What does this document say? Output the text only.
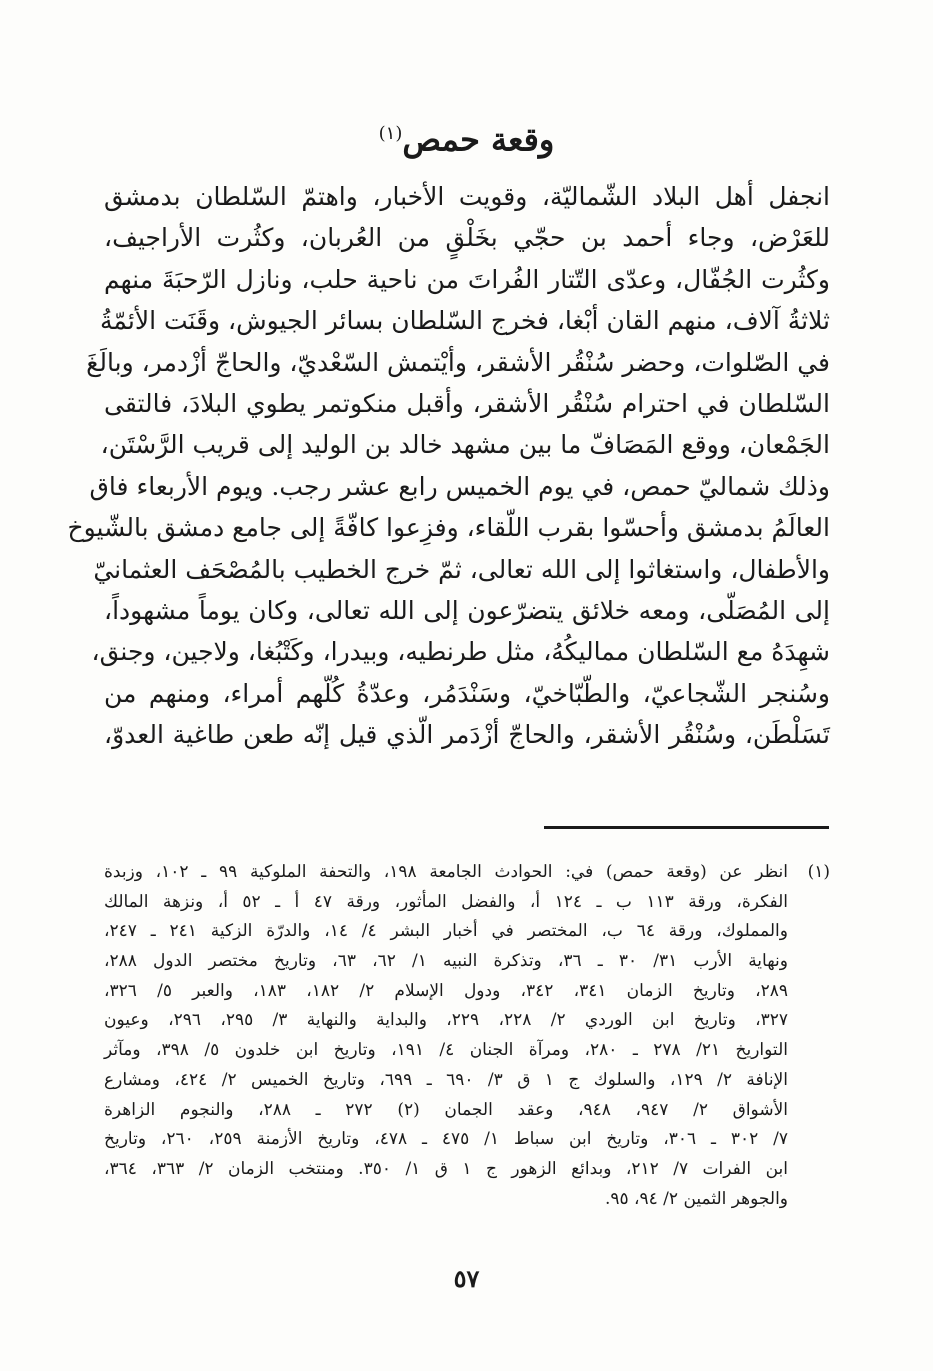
وقعة حمص$^{(١)}$
انجفل أهل البلاد الشّماليّة، وقويت الأخبار، واهتمّ السّلطان بدمشق
للعَرْض، وجاء أحمد بن حجّي بخَلْقٍ من العُربان، وكثُرت الأراجيف،
وكثُرت الجُفّال، وعدّى التّتار الفُراتَ من ناحية حلب، ونازل الرّحبَةَ منهم
ثلاثةُ آلاف، منهم القان أبْغا، فخرج السّلطان بسائر الجيوش، وقَنَت الأئمّةُ
في الصّلوات، وحضر سُنْقُر الأشقر، وأيْتمش السّعْديّ، والحاجّ أزْدمر، وبالَغَ
السّلطان في احترام سُنْقُر الأشقر، وأقبل منكوتمر يطوي البلادَ، فالتقى
الجَمْعان، ووقع المَصَافّ ما بين مشهد خالد بن الوليد إلى قريب الرَّسْتَن،
وذلك شماليّ حمص، في يوم الخميس رابع عشر رجب. ويوم الأربعاء فاق
العالَمُ بدمشق وأحسّوا بقرب اللّقاء، وفزِعوا كافّةً إلى جامع دمشق بالشّيوخ
والأطفال، واستغاثوا إلى الله تعالى، ثمّ خرج الخطيب بالمُصْحَف العثمانيّ
إلى المُصَلّى، ومعه خلائق يتضرّعون إلى الله تعالى، وكان يوماً مشهوداً،
شهِدَهُ مع السّلطان مماليكُهُ، مثل طرنطيه، وبيدرا، وكَتْبُغا، ولاجين، وجنق،
وسُنجر الشّجاعيّ، والطّبّاخيّ، وسَنْدَمُر، وعدّةُ كُلّهم أمراء، ومنهم من
تَسَلْطَن، وسُنْقُر الأشقر، والحاجّ أزْدَمر الّذي قيل إنّه طعن طاغية العدوّ،
(١)
انظر عن (وقعة حمص) في: الحوادث الجامعة ١٩٨، والتحفة الملوكية ٩٩ ـ ١٠٢، وزبدة
الفكرة، ورقة ١١٣ ب ـ ١٢٤ أ، والفضل المأثور، ورقة ٤٧ أ ـ ٥٢ أ، ونزهة المالك
والمملوك، ورقة ٦٤ ب، المختصر في أخبار البشر ٤/ ١٤، والدرّة الزكية ٢٤١ ـ ٢٤٧،
ونهاية الأرب ٣١/ ٣٠ ـ ٣٦، وتذكرة النبيه ١/ ٦٢، ٦٣، وتاريخ مختصر الدول ٢٨٨،
٢٨٩، وتاريخ الزمان ٣٤١، ٣٤٢، ودول الإسلام ٢/ ١٨٢، ١٨٣، والعبر ٥/ ٣٢٦،
٣٢٧، وتاريخ ابن الوردي ٢/ ٢٢٨، ٢٢٩، والبداية والنهاية ٣/ ٢٩٥، ٢٩٦، وعيون
التواريخ ٢١/ ٢٧٨ ـ ٢٨٠، ومرآة الجنان ٤/ ١٩١، وتاريخ ابن خلدون ٥/ ٣٩٨، ومآثر
الإنافة ٢/ ١٢٩، والسلوك ج ١ ق ٣/ ٦٩٠ ـ ٦٩٩، وتاريخ الخميس ٢/ ٤٢٤، ومشارع
الأشواق ٢/ ٩٤٧، ٩٤٨، وعقد الجمان (٢) ٢٧٢ ـ ٢٨٨، والنجوم الزاهرة
٧/ ٣٠٢ ـ ٣٠٦، وتاريخ ابن سباط ١/ ٤٧٥ ـ ٤٧٨، وتاريخ الأزمنة ٢٥٩، ٢٦٠، وتاريخ
ابن الفرات ٧/ ٢١٢، وبدائع الزهور ج ١ ق ١/ ٣٥٠. ومنتخب الزمان ٢/ ٣٦٣، ٣٦٤،
والجوهر الثمين ٢/ ٩٤، ٩٥.
٥٧
